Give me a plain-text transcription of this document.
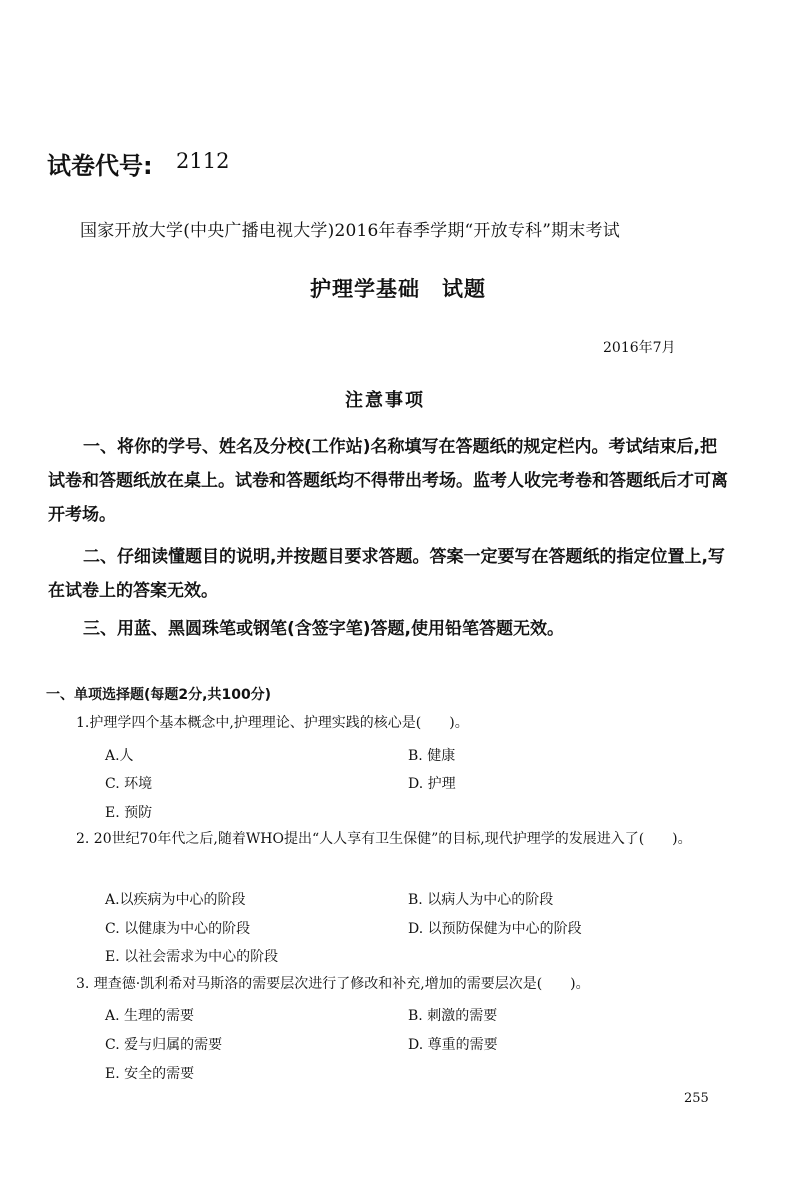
试卷代号: 2112
国家开放大学(中央广播电视大学)2016年春季学期“开放专科”期末考试
护理学基础　试题
2016年7月
注意事项

一、将你的学号、姓名及分校(工作站)名称填写在答题纸的规定栏内。考试结束后,把试卷和答题纸放在桌上。试卷和答题纸均不得带出考场。监考人收完考卷和答题纸后才可离开考场。

二、仔细读懂题目的说明,并按题目要求答题。答案一定要写在答题纸的指定位置上,写在试卷上的答案无效。

三、用蓝、黑圆珠笔或钢笔(含签字笔)答题,使用铅笔答题无效。

一、单项选择题(每题2分,共100分)

1.护理学四个基本概念中,护理理论、护理实践的核心是(　　)。

A.人	B. 健康
C. 环境	D. 护理
E. 预防

2. 20世纪70年代之后,随着WHO提出“人人享有卫生保健”的目标,现代护理学的发展进入了(　　)。

A.以疾病为中心的阶段	B. 以病人为中心的阶段
C. 以健康为中心的阶段	D. 以预防保健为中心的阶段
E. 以社会需求为中心的阶段

3. 理查德·凯利希对马斯洛的需要层次进行了修改和补充,增加的需要层次是(　　)。

A. 生理的需要	B. 刺激的需要
C. 爱与归属的需要	D. 尊重的需要
E. 安全的需要
255
